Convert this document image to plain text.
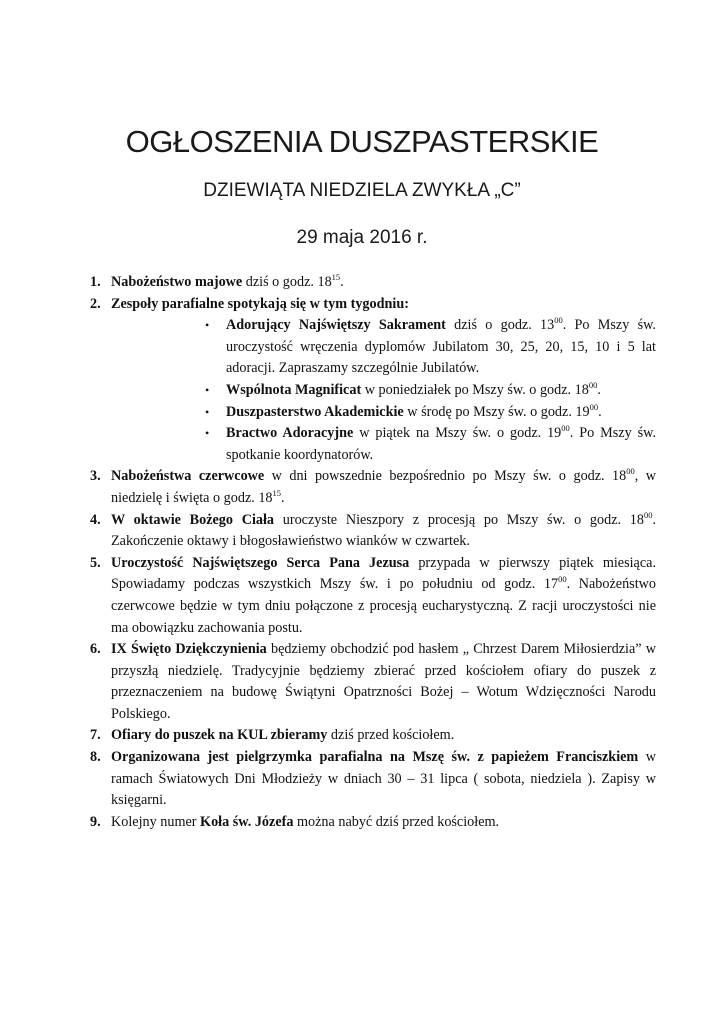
OGŁOSZENIA DUSZPASTERSKIE
DZIEWIĄTA NIEDZIELA ZWYKŁA „C”
29 maja 2016 r.
1. Nabożeństwo majowe dziś o godz. $18^{15}$.
2. Zespoły parafialne spotykają się w tym tygodniu:
• Adorujący Najświętszy Sakrament dziś o godz. $13^{00}$. Po Mszy św. uroczystość wręczenia dyplomów Jubilatom 30, 25, 20, 15, 10 i 5 lat adoracji. Zapraszamy szczególnie Jubilatów.
• Wspólnota Magnificat w poniedziałek po Mszy św. o godz. $18^{00}$.
• Duszpasterstwo Akademickie w środę po Mszy św. o godz. $19^{00}$.
• Bractwo Adoracyjne w piątek na Mszy św. o godz. $19^{00}$. Po Mszy św. spotkanie koordynatorów.
3. Nabożeństwa czerwcowe w dni powszednie bezpośrednio po Mszy św. o godz. $18^{00}$, w niedzielę i święta o godz. $18^{15}$.
4. W oktawie Bożego Ciała uroczyste Nieszpory z procesją po Mszy św. o godz. $18^{00}$. Zakończenie oktawy i błogosławieństwo wianków w czwartek.
5. Uroczystość Najświętszego Serca Pana Jezusa przypada w pierwszy piątek miesiąca. Spowiadamy podczas wszystkich Mszy św. i po południu od godz. $17^{00}$. Nabożeństwo czerwcowe będzie w tym dniu połączone z procesją eucharystyczną. Z racji uroczystości nie ma obowiązku zachowania postu.
6. IX Święto Dziękczynienia będziemy obchodzić pod hasłem „ Chrzest Darem Miłosierdzia” w przyszłą niedzielę. Tradycyjnie będziemy zbierać przed kościołem ofiary do puszek z przeznaczeniem na budowę Świątyni Opatrzności Bożej – Wotum Wdzięczności Narodu Polskiego.
7. Ofiary do puszek na KUL zbieramy dziś przed kościołem.
8. Organizowana jest pielgrzymka parafialna na Mszę św. z papieżem Franciszkiem w ramach Światowych Dni Młodzieży w dniach 30 – 31 lipca ( sobota, niedziela ). Zapisy w księgarni.
9. Kolejny numer Koła św. Józefa można nabyć dziś przed kościołem.
